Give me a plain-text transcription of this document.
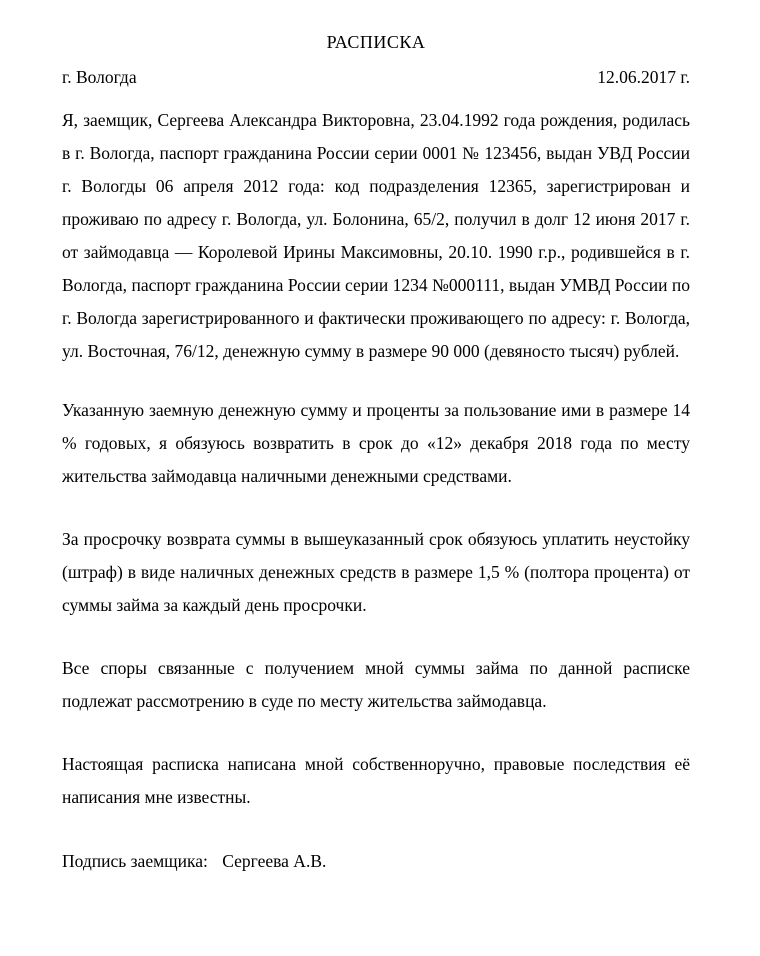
РАСПИСКА
г. Вологда	12.06.2017 г.

Я, заемщик, Сергеева Александра Викторовна, 23.04.1992 года рождения, родилась в г. Вологда, паспорт гражданина России серии 0001 № 123456, выдан УВД России г. Вологды 06 апреля 2012 года: код подразделения 12365, зарегистрирован и проживаю по адресу г. Вологда, ул. Болонина, 65/2, получил в долг 12 июня 2017 г. от займодавца — Королевой Ирины Максимовны, 20.10. 1990 г.р., родившейся в г. Вологда, паспорт гражданина России серии 1234 №000111, выдан УМВД России по г. Вологда зарегистрированного и фактически проживающего по адресу: г. Вологда, ул. Восточная, 76/12, денежную сумму в размере 90 000 (девяносто тысяч) рублей.

Указанную заемную денежную сумму и проценты за пользование ими в размере 14 % годовых, я обязуюсь возвратить в срок до «12» декабря 2018 года по месту жительства займодавца наличными денежными средствами.

За просрочку возврата суммы в вышеуказанный срок обязуюсь уплатить неустойку (штраф) в виде наличных денежных средств в размере 1,5 % (полтора процента) от суммы займа за каждый день просрочки.

Все споры связанные с получением мной суммы займа по данной расписке подлежат рассмотрению в суде по месту жительства займодавца.

Настоящая расписка написана мной собственноручно, правовые последствия её написания мне известны.

Подпись заемщика: Сергеева А.В.
